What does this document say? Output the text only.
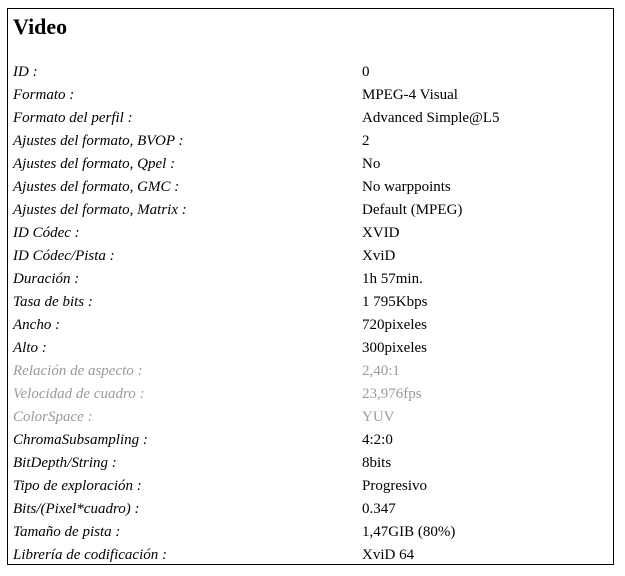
Video
ID :	0
Formato :	MPEG-4 Visual
Formato del perfil :	Advanced Simple@L5
Ajustes del formato, BVOP :	2
Ajustes del formato, Qpel :	No
Ajustes del formato, GMC :	No warppoints
Ajustes del formato, Matrix :	Default (MPEG)
ID Códec :	XVID
ID Códec/Pista :	XviD
Duración :	1h 57min.
Tasa de bits :	1 795Kbps
Ancho :	720pixeles
Alto :	300pixeles
Relación de aspecto :	2,40:1
Velocidad de cuadro :	23,976fps
ColorSpace :	YUV
ChromaSubsampling :	4:2:0
BitDepth/String :	8bits
Tipo de exploración :	Progresivo
Bits/(Pixel*cuadro) :	0.347
Tamaño de pista :	1,47GIB (80%)
Librería de codificación :	XviD 64
